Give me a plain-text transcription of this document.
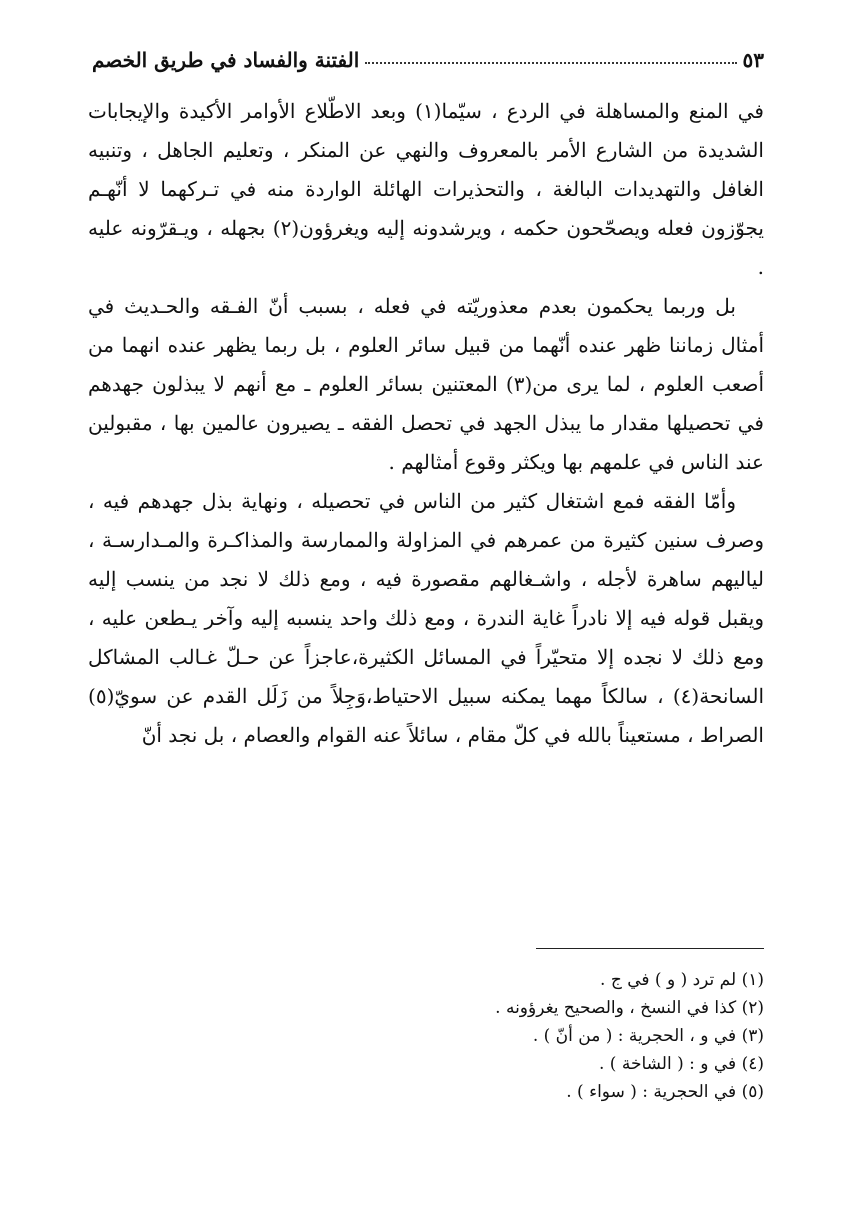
الفتنة والفساد في طريق الخصم	٥٣

في المنع والمساهلة في الردع ، سيّما(١) وبعد الاطّلاع الأوامر الأكيدة والإيجابات الشديدة من الشارع الأمر بالمعروف والنهي عن المنكر ، وتعليم الجاهل ، وتنبيه الغافل والتهديدات البالغة ، والتحذيرات الهائلة الواردة منه في تـركهما لا أنّهـم يجوّزون فعله ويصحّحون حكمه ، ويرشدونه إليه ويغرؤون(٢) بجهله ، ويـقرّونه عليه .

بل وربما يحكمون بعدم معذوريّته في فعله ، بسبب أنّ الفـقه والحـديث في أمثال زماننا ظهر عنده أنّهما من قبيل سائر العلوم ، بل ربما يظهر عنده انهما من أصعب العلوم ، لما يرى من(٣) المعتنين بسائر العلوم ـ مع أنهم لا يبذلون جهدهم في تحصيلها مقدار ما يبذل الجهد في تحصل الفقه ـ يصيرون عالمين بها ، مقبولين عند الناس في علمهم بها ويكثر وقوع أمثالهم .

وأمّا الفقه فمع اشتغال كثير من الناس في تحصيله ، ونهاية بذل جهدهم فيه ، وصرف سنين كثيرة من عمرهم في المزاولة والممارسة والمذاكـرة والمـدارسـة ، لياليهم ساهرة لأجله ، واشـغالهم مقصورة فيه ، ومع ذلك لا نجد من ينسب إليه ويقبل قوله فيه إلا نادراً غاية الندرة ، ومع ذلك واحد ينسبه إليه وآخر يـطعن عليه ، ومع ذلك لا نجده إلا متحيّراً في المسائل الكثيرة،عاجزاً عن حـلّ غـالب المشاكل السانحة(٤) ، سالكاً مهما يمكنه سبيل الاحتياط،وَجِلاً من زَلَل القدم عن سويّ(٥) الصراط ، مستعيناً بالله في كلّ مقام ، سائلاً عنه القوام والعصام ، بل نجد أنّ

(١) لم ترد ( و ) في ج .

(٢) كذا في النسخ ، والصحيح يغرؤونه .

(٣) في و ، الحجرية : ( من أنّ ) .

(٤) في و : ( الشاخة ) .

(٥) في الحجرية : ( سواء ) .
